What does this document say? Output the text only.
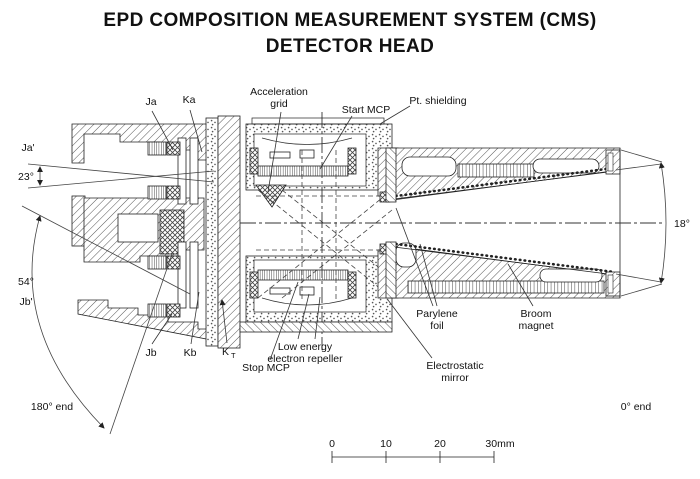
EPD COMPOSITION MEASUREMENT SYSTEM (CMS)
DETECTOR HEAD
Ja Ka
Acceleration
grid	Start MCP
Pt. shielding
Ja'
23°
54°
Jb'
Jb	Kb K T
Stop MCP
Low energy
electron repeller
Electrostatic
mirror
Parylene
foil
Broom
magnet
18°
180° end	0° end
0	10	20	30mm
